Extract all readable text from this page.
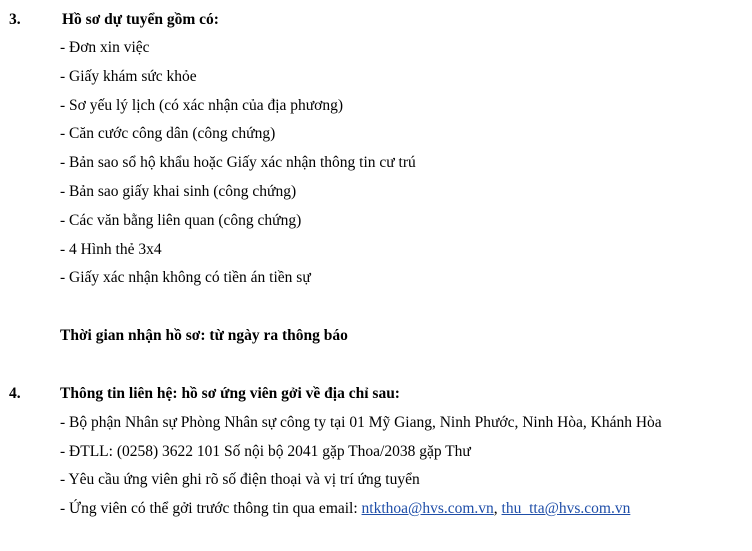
3.	Hồ sơ dự tuyển gồm có:
- Đơn xin việc
- Giấy khám sức khỏe
- Sơ yếu lý lịch (có xác nhận của địa phương)
- Căn cước công dân (công chứng)
- Bản sao sổ hộ khẩu hoặc Giấy xác nhận thông tin cư trú
- Bản sao giấy khai sinh (công chứng)
- Các văn bằng liên quan (công chứng)
- 4 Hình thẻ 3x4
- Giấy xác nhận không có tiền án tiền sự
Thời gian nhận hồ sơ: từ ngày ra thông báo
4.	Thông tin liên hệ: hồ sơ ứng viên gởi về địa chỉ sau:
- Bộ phận Nhân sự Phòng Nhân sự công ty tại 01 Mỹ Giang, Ninh Phước, Ninh Hòa, Khánh Hòa
- ĐTLL: (0258) 3622 101 Số nội bộ 2041 gặp Thoa/2038 gặp Thư
- Yêu cầu ứng viên ghi rõ số điện thoại và vị trí ứng tuyển
- Ứng viên có thể gởi trước thông tin qua email: ntkthoa@hvs.com.vn, thu_tta@hvs.com.vn
